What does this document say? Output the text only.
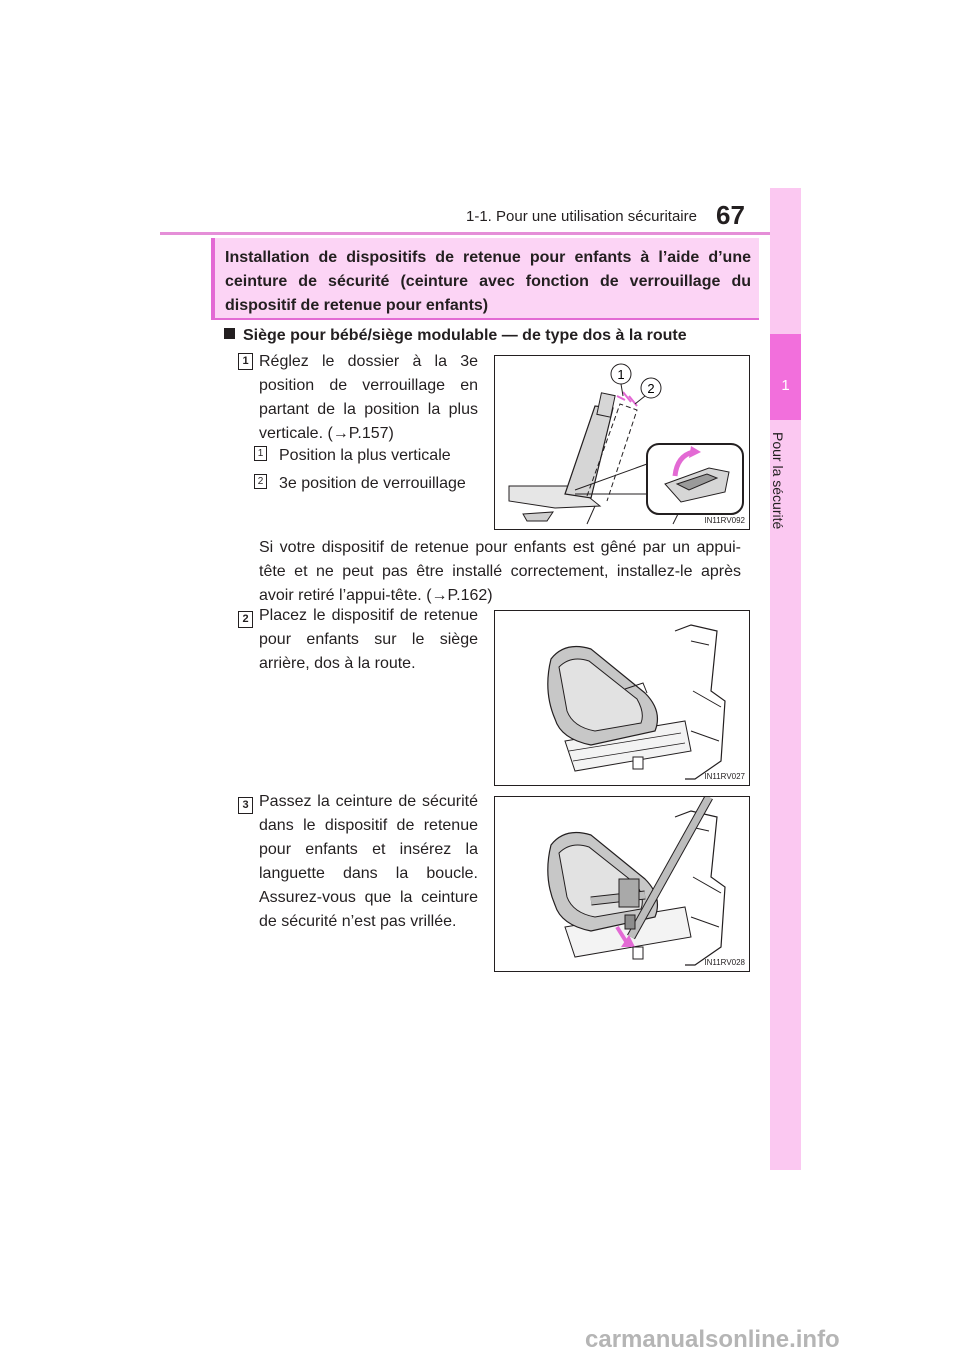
1-1. Pour une utilisation sécuritaire 67
1
Pour la sécurité

Installation de dispositifs de retenue pour enfants à l’aide d’une ceinture de sécurité (ceinture avec fonction de verrouillage du dispositif de retenue pour enfants)

Siège pour bébé/siège modulable — de type dos à la route
1 Réglez le dossier à la 3e position de verrouillage en partant de la position la plus verticale. (→P.157)

1 Position la plus verticale
2 3e position de verrouillage

Si votre dispositif de retenue pour enfants est gêné par un appui-tête et ne peut pas être installé correctement, installez-le après avoir retiré l’appui-tête. (→P.162)

1
2
IN11RV092
2 Placez le dispositif de retenue pour enfants sur le siège arrière, dos à la route.

IN11RV027
3 Passez la ceinture de sécurité dans le dispositif de retenue pour enfants et insérez la languette dans la boucle. Assurez-vous que la ceinture de sécurité n’est pas vrillée.

IN11RV028
carmanualsonline.info
